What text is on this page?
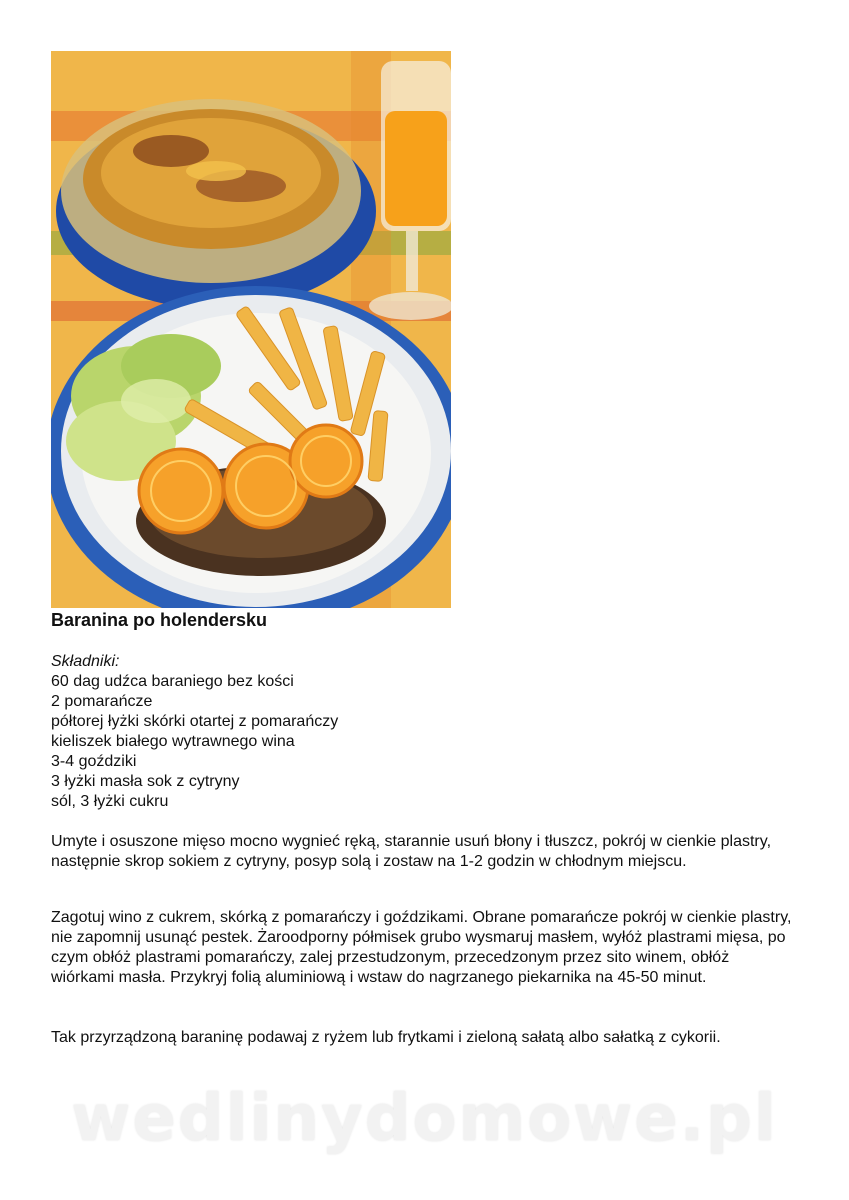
Baranina po holendersku
Składniki:
60 dag udźca baraniego bez kości
2 pomarańcze
półtorej łyżki skórki otartej z pomarańczy
kieliszek białego wytrawnego wina
3-4 goździki
3 łyżki masła sok z cytryny
sól, 3 łyżki cukru

Umyte i osuszone mięso mocno wygnieć ręką, starannie usuń błony i tłuszcz, pokrój w cienkie plastry, następnie skrop sokiem z cytryny, posyp solą i zostaw na 1-2 godzin w chłodnym miejscu.

Zagotuj wino z cukrem, skórką z pomarańczy i goździkami. Obrane pomarańcze pokrój w cienkie plastry, nie zapomnij usunąć pestek. Żaroodporny półmisek grubo wysmaruj masłem, wyłóż plastrami mięsa, po czym obłóż plastrami pomarańczy, zalej przestudzonym, przecedzonym przez sito winem, obłóż wiórkami masła. Przykryj folią aluminiową i wstaw do nagrzanego piekarnika na 45-50 minut.

Tak przyrządzoną baraninę podawaj z ryżem lub frytkami i zieloną sałatą albo sałatką z cykorii.

wedlinydomowe.pl
